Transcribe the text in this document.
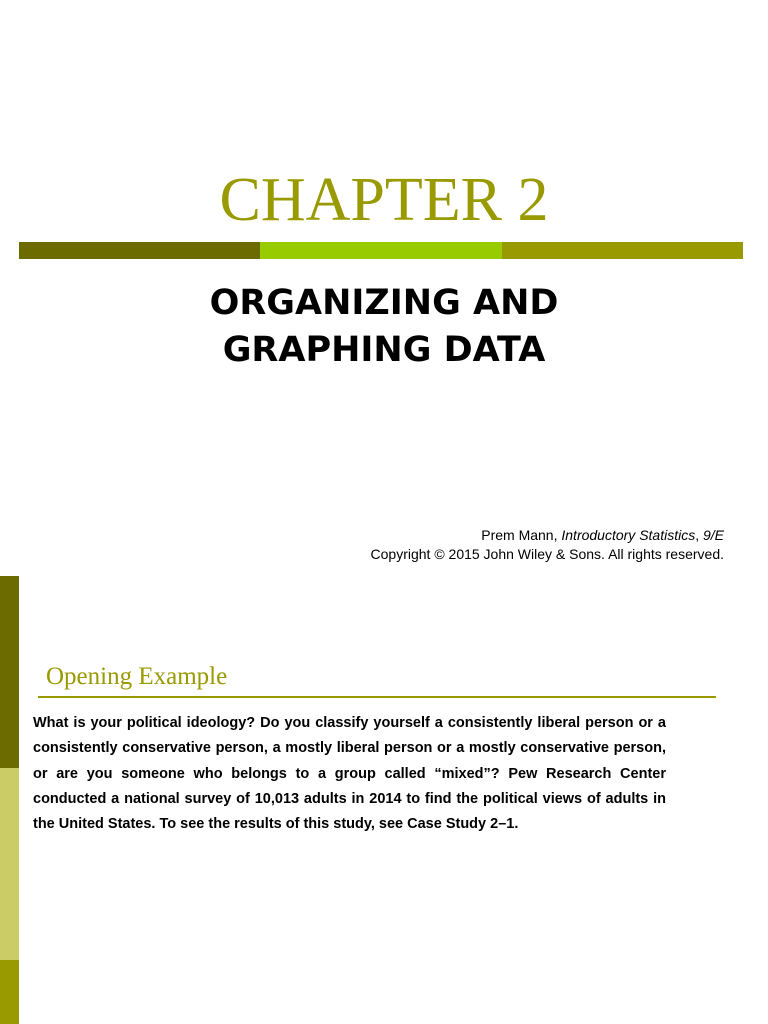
CHAPTER 2
ORGANIZING AND
GRAPHING DATA
Prem Mann, Introductory Statistics, 9/E
Copyright © 2015 John Wiley & Sons. All rights reserved.
Opening Example

What is your political ideology? Do you classify yourself a consistently liberal person or a consistently conservative person, a mostly liberal person or a mostly conservative person, or are you someone who belongs to a group called “mixed”? Pew Research Center conducted a national survey of 10,013 adults in 2014 to find the political views of adults in the United States. To see the results of this study, see Case Study 2–1.
